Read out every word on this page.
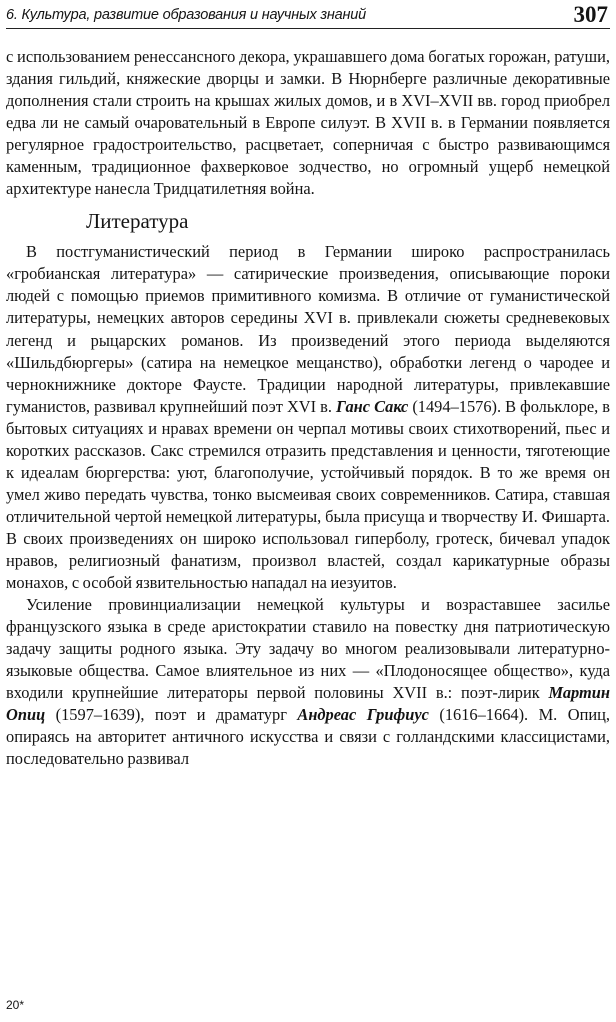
6. Культура, развитие образования и научных знаний	307

с использованием ренессансного декора, украшавшего дома богатых горожан, ратуши, здания гильдий, княжеские дворцы и замки. В Нюрнберге различные декоративные дополнения стали строить на крышах жилых домов, и в XVI–XVII вв. город приобрел едва ли не самый очаровательный в Европе силуэт. В XVII в. в Германии появляется регулярное градостроительство, расцветает, соперничая с быстро развивающимся каменным, традиционное фахверковое зодчество, но огромный ущерб немецкой архитектуре нанесла Тридцатилетняя война.

Литература

В постгуманистический период в Германии широко распространилась «гробианская литература» — сатирические произведения, описывающие пороки людей с помощью приемов примитивного комизма. В отличие от гуманистической литературы, немецких авторов середины XVI в. привлекали сюжеты средневековых легенд и рыцарских романов. Из произведений этого периода выделяются «Шильдбюргеры» (сатира на немецкое мещанство), обработки легенд о чародее и чернокнижнике докторе Фаусте. Традиции народной литературы, привлекавшие гуманистов, развивал крупнейший поэт XVI в. Ганс Сакс (1494–1576). В фольклоре, в бытовых ситуациях и нравах времени он черпал мотивы своих стихотворений, пьес и коротких рассказов. Сакс стремился отразить представления и ценности, тяготеющие к идеалам бюргерства: уют, благополучие, устойчивый порядок. В то же время он умел живо передать чувства, тонко высмеивая своих современников. Сатира, ставшая отличительной чертой немецкой литературы, была присуща и творчеству И. Фишарта. В своих произведениях он широко использовал гиперболу, гротеск, бичевал упадок нравов, религиозный фанатизм, произвол властей, создал карикатурные образы монахов, с особой язвительностью нападал на иезуитов.

Усиление провинциализации немецкой культуры и возраставшее засилье французского языка в среде аристократии ставило на повестку дня патриотическую задачу защиты родного языка. Эту задачу во многом реализовывали литературно-языковые общества. Самое влиятельное из них — «Плодоносящее общество», куда входили крупнейшие литераторы первой половины XVII в.: поэт-лирик Мартин Опиц (1597–1639), поэт и драматург Андреас Грифиус (1616–1664). М. Опиц, опираясь на авторитет античного искусства и связи с голландскими классицистами, последовательно развивал

20*
